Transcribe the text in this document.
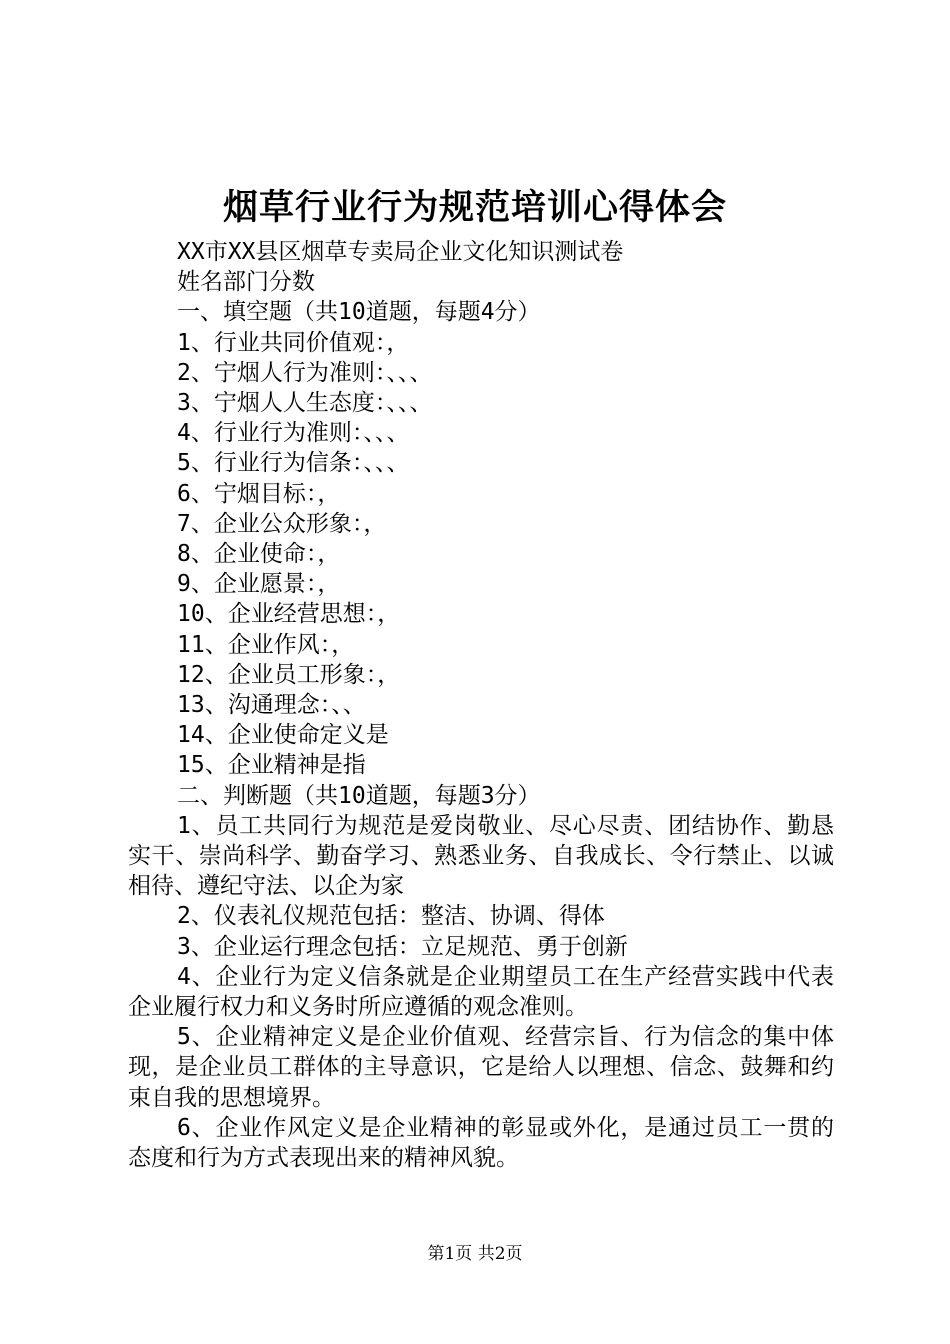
烟草行业行为规范培训心得体会
XX市XX县区烟草专卖局企业文化知识测试卷
姓名部门分数
一、填空题（共10道题，每题4分）
1、行业共同价值观：，
2、宁烟人行为准则：、、、
3、宁烟人人生态度：、、、
4、行业行为准则：、、、
5、行业行为信条：、、、
6、宁烟目标：，
7、企业公众形象：，
8、企业使命：，
9、企业愿景：，
10、企业经营思想：，
11、企业作风：，
12、企业员工形象：，
13、沟通理念：、、
14、企业使命定义是
15、企业精神是指
二、判断题（共10道题，每题3分）
1、员工共同行为规范是爱岗敬业、尽心尽责、团结协作、勤恳实干、崇尚科学、勤奋学习、熟悉业务、自我成长、令行禁止、以诚相待、遵纪守法、以企为家
2、仪表礼仪规范包括：整洁、协调、得体
3、企业运行理念包括：立足规范、勇于创新
4、企业行为定义信条就是企业期望员工在生产经营实践中代表企业履行权力和义务时所应遵循的观念准则。
5、企业精神定义是企业价值观、经营宗旨、行为信念的集中体现，是企业员工群体的主导意识，它是给人以理想、信念、鼓舞和约束自我的思想境界。
6、企业作风定义是企业精神的彰显或外化，是通过员工一贯的态度和行为方式表现出来的精神风貌。
第1页 共2页
